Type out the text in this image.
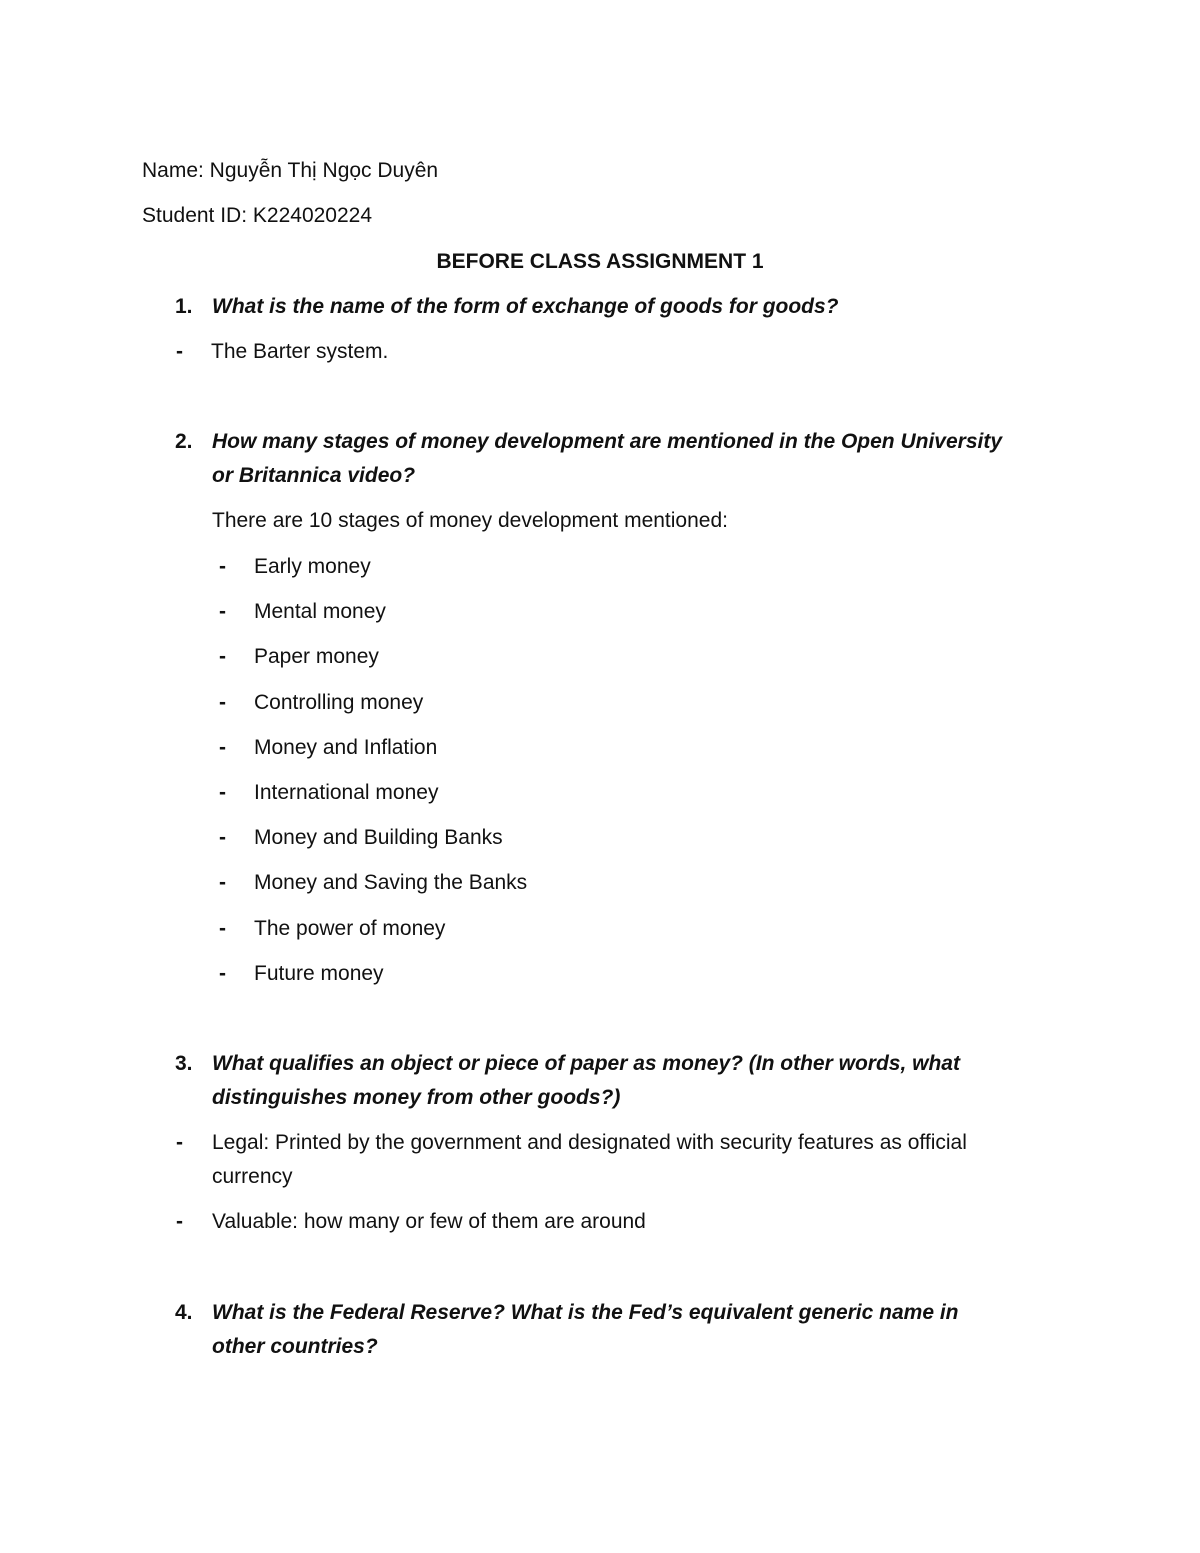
Name: Nguyễn Thị Ngọc Duyên
Student ID: K224020224
BEFORE CLASS ASSIGNMENT 1
1. What is the name of the form of exchange of goods for goods?
- The Barter system.
2. How many stages of money development are mentioned in the Open University
or Britannica video?
There are 10 stages of money development mentioned:
- Early money
- Mental money
- Paper money
- Controlling money
- Money and Inflation
- International money
- Money and Building Banks
- Money and Saving the Banks
- The power of money
- Future money
3. What qualifies an object or piece of paper as money? (In other words, what
distinguishes money from other goods?)
- Legal: Printed by the government and designated with security features as official
currency
- Valuable: how many or few of them are around
4. What is the Federal Reserve? What is the Fed’s equivalent generic name in
other countries?
